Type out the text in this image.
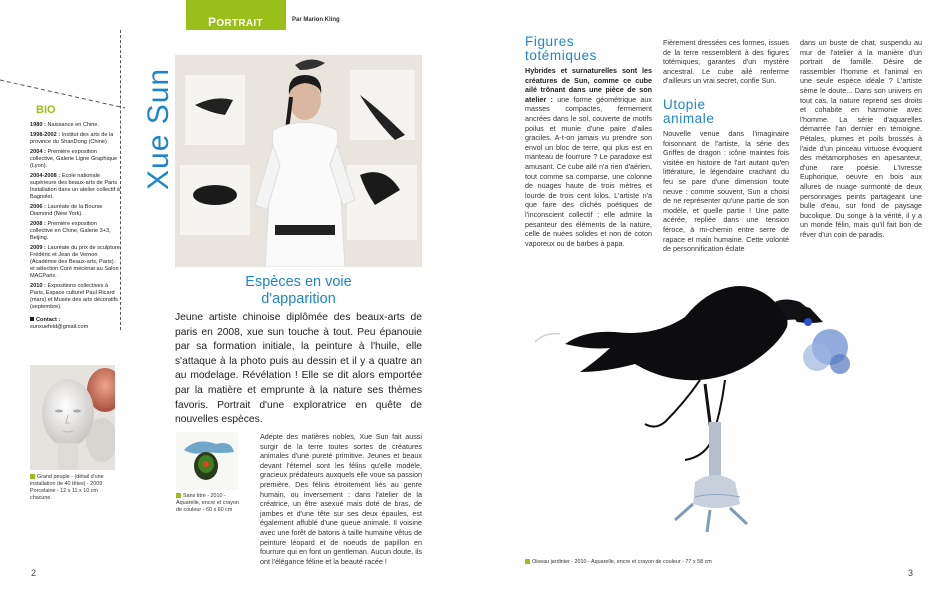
PORTRAIT	Par Marion Kling
BIO
1980 : Naissance en Chine.
1998-2002 : Institut des arts de la province du ShanDong (Chine)
2004 : Première exposition collective, Galerie Ligne Graphique (Lyon).
2004-2008 : Ecole nationale supérieure des beaux-arts de Paris Installation dans un atelier collectif à Bagnolet.
2006 : Lauréate de la Bourse Diamond (New York).
2008 : Première exposition collective en Chine, Galerie 3+3, Beijing.
2009 : Lauréate du prix de sculpture Frédéric et Jean de Vernon (Académie des Beaux-arts, Paris) : et sélection Coré mécénat au Salon MACParis.
2010 : Expositions collectives à Paris, Espace culturel Paul Ricard (mars) et Musée des arts décoratifs (septembre).
Contact :
sunxuefeld@gmail.com
Grand peuple - (détail d'une installation de 40 têtes) - 2009 Porcelaine - 12 x 11 x 10 cm chacune.
Xue Sun
Espèces en voie
d'apparition
Jeune artiste chinoise diplômée des beaux-arts de paris en 2008, xue sun touche à tout. Peu épanouie par sa formation initiale, la peinture à l'huile, elle s'attaque à la photo puis au dessin et il y a quatre an au modelage. Révélation ! Elle se dit alors emportée par la matière et emprunte à la nature ses thèmes favoris. Portrait d'une exploratrice en quête de nouvelles espèces.
Sans titre - 2010 - Aquarelle, encre et crayon de couleur - 60 x 60 cm
Adepte des matières nobles, Xue Sun fait aussi surgir de la terre toutes sortes de créatures animales d'une pureté primitive. Jeunes et beaux devant l'éternel sont les félins qu'elle modèle, gracieux prédateurs auxquels elle voue sa passion première. Des félins étroitement liés au genre humain, ou inversement : dans l'atelier de la créatrice, un être asexué mais doté de bras, de jambes et d'une tête sur ses deux épaules, est également affublé d'une queue animale. Il voisine avec une forêt de batons à taille humaine vêtus de peinture léopard et de noeuds de papillon en fourrure qui en font un gentleman. Aucun doute, ils ont l'élégance féline et la beauté racée !
2
Figures
totémiques

Hybrides et surnaturelles sont les créatures de Sun, comme ce cube ailé trônant dans une pièce de son atelier : une forme géométrique aux masses compactes, fermement ancrées dans le sol, couverte de motifs poilus et munie d'une paire d'ailes graciles. A-t-on jamais vu prendre son envol un bloc de terre, qui plus est en manteau de fourrure ? Le paradoxe est amusant. Ce cube ailé n'a rien d'aérien, tout comme sa comparse, une colonne de nuages haute de trois mètres et lourde de trois cent kilos. L'artiste n'a que faire des clichés poétiques de l'inconscient collectif ; elle admire la pesanteur des éléments de la nature, celle de nuées solides et non de coton vaporeux ou de barbes à papa.

Fièrement dressées ces formes, issues de la terre ressemblent à des figures totémiques, garantes d'un mystère ancestral. Le cube ailé renferme d'ailleurs un vrai secret, confie Sun.
Utopie
animale
Nouvelle venue dans l'imaginaire foisonnant de l'artiste, la série des Griffes de dragon : icône maintes fois visitée en histoire de l'art autant qu'en littérature, le légendaire crachant du feu se pare d'une dimension toute neuve : comme souvent, Sun a choisi de ne représenter qu'une partie de son modèle, et quelle partie ! Une patte acérée, repliée dans une tension féroce, à mi-chemin entre serre de rapace et main humaine. Cette volonté de personnification éclate
dans un buste de chat, suspendu au mur de l'atelier à la manière d'un portrait de famille. Désire de rassembler l'homme et l'animal en une seule espèce idéale ? L'artiste sème le doute... Dans son univers en tout cas, la nature reprend ses droits et cohabite en harmonie avec l'homme. La série d'aquarelles démarrée l'an dernier en témoigne. Pétales, plumes et poils brossés à l'aide d'un pinceau virtuose évoquent des métamorphoses en apesanteur, d'une rare poésie. L'Ivresse Euphorique, oeuvre en bois aux allures de nuage surmonté de deux personnages peints partageant une bulle d'eau, sur fond de paysage bucolique. Du songe à la vérité, il y a un monde félin, mais qu'il fait bon de rêver d'un coin de paradis.
Oiseau jardinier - 2010 - Aquarelle, encre et crayon de couleur - 77 x 58 cm
3
